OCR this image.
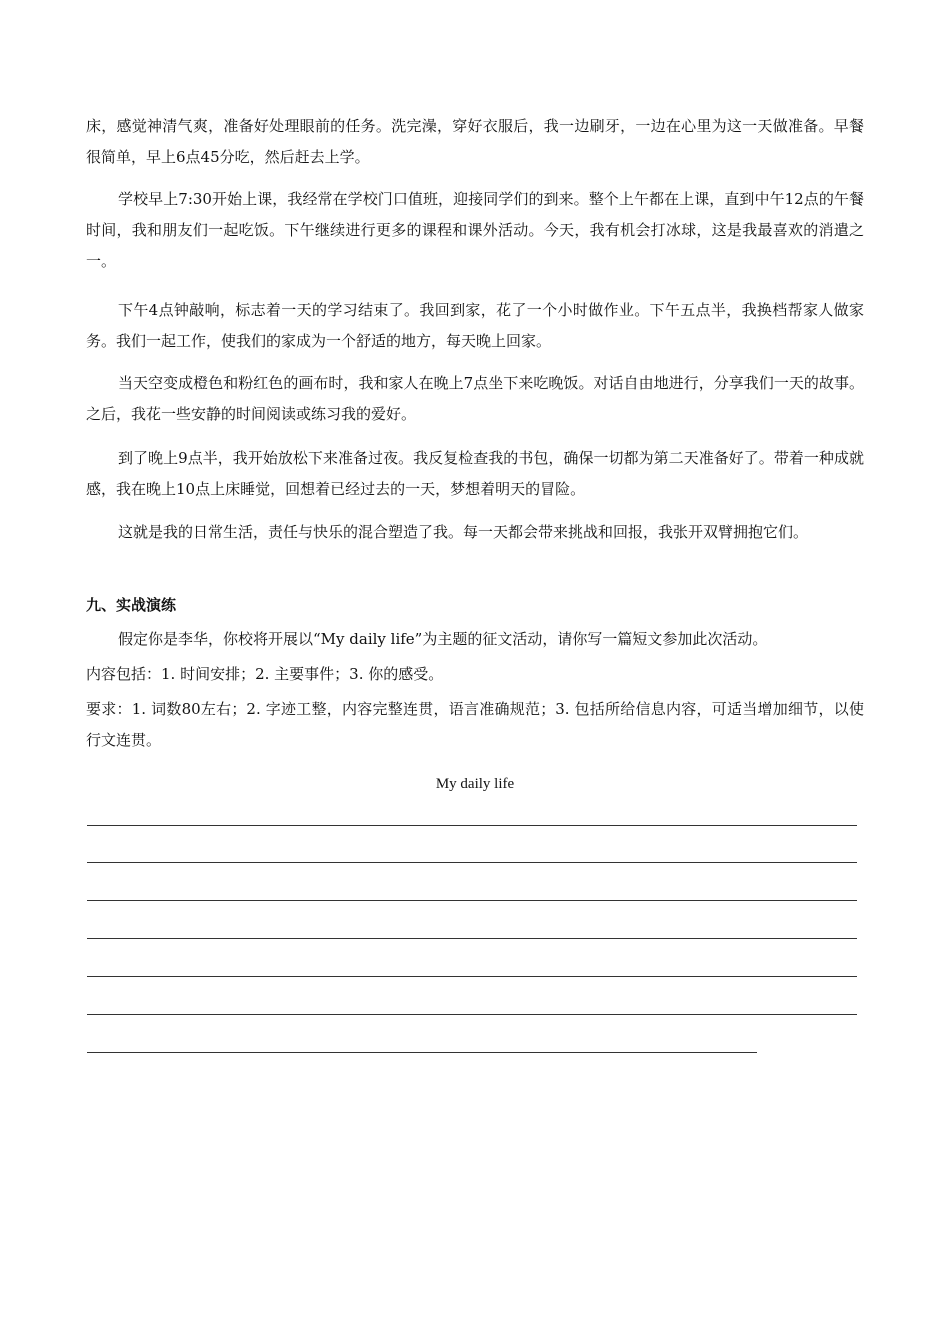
床，感觉神清气爽，准备好处理眼前的任务。洗完澡，穿好衣服后，我一边刷牙，一边在心里为这一天做准备。早餐很简单，早上6点45分吃，然后赶去上学。
学校早上7:30开始上课，我经常在学校门口值班，迎接同学们的到来。整个上午都在上课，直到中午12点的午餐时间，我和朋友们一起吃饭。下午继续进行更多的课程和课外活动。今天，我有机会打冰球，这是我最喜欢的消遣之一。
下午4点钟敲响，标志着一天的学习结束了。我回到家，花了一个小时做作业。下午五点半，我换档帮家人做家务。我们一起工作，使我们的家成为一个舒适的地方，每天晚上回家。
当天空变成橙色和粉红色的画布时，我和家人在晚上7点坐下来吃晚饭。对话自由地进行，分享我们一天的故事。之后，我花一些安静的时间阅读或练习我的爱好。
到了晚上9点半，我开始放松下来准备过夜。我反复检查我的书包，确保一切都为第二天准备好了。带着一种成就感，我在晚上10点上床睡觉，回想着已经过去的一天，梦想着明天的冒险。
这就是我的日常生活，责任与快乐的混合塑造了我。每一天都会带来挑战和回报，我张开双臂拥抱它们。
九、实战演练
假定你是李华，你校将开展以“My daily life”为主题的征文活动，请你写一篇短文参加此次活动。
内容包括：1. 时间安排；2. 主要事件；3. 你的感受。
要求：1. 词数80左右；2. 字迹工整，内容完整连贯，语言准确规范；3. 包括所给信息内容，可适当增加细节，以使行文连贯。
My daily life
